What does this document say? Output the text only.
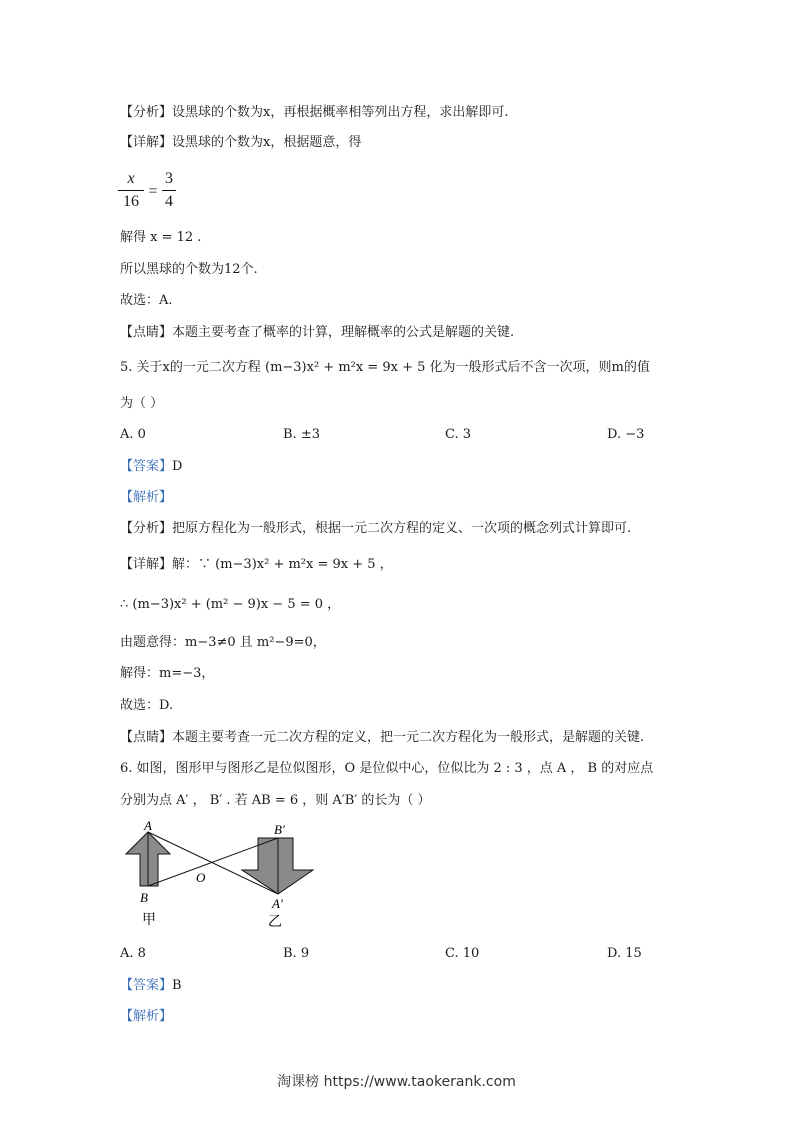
【分析】设黑球的个数为x，再根据概率相等列出方程，求出解即可.
【详解】设黑球的个数为x，根据题意，得
x
16
=
3
4
解得 x = 12 .
所以黑球的个数为12个.
故选：A.
【点睛】本题主要考查了概率的计算，理解概率的公式是解题的关键.
5. 关于x的一元二次方程 (m−3)x² + m²x = 9x + 5 化为一般形式后不含一次项，则m的值
为（ ）
A. 0	B. ±3	C. 3	D. −3
【答案】D
【解析】
【分析】把原方程化为一般形式，根据一元二次方程的定义、一次项的概念列式计算即可.
【详解】解：∵ (m−3)x² + m²x = 9x + 5 ，
∴ (m−3)x² + (m² − 9)x − 5 = 0 ，
由题意得：m−3≠0 且 m²−9=0，
解得：m=−3，
故选：D.
【点睛】本题主要考查一元二次方程的定义，把一元二次方程化为一般形式，是解题的关键.
6. 如图，图形甲与图形乙是位似图形，O 是位似中心，位似比为 2 : 3 ，点 A ， B 的对应点
分别为点 A′ ， B′ . 若 AB = 6 ，则 A′B′ 的长为（ ）
A
B
O
A′
B′
甲	乙
A. 8	B. 9	C. 10	D. 15
【答案】B
【解析】
淘课榜 https://www.taokerank.com
